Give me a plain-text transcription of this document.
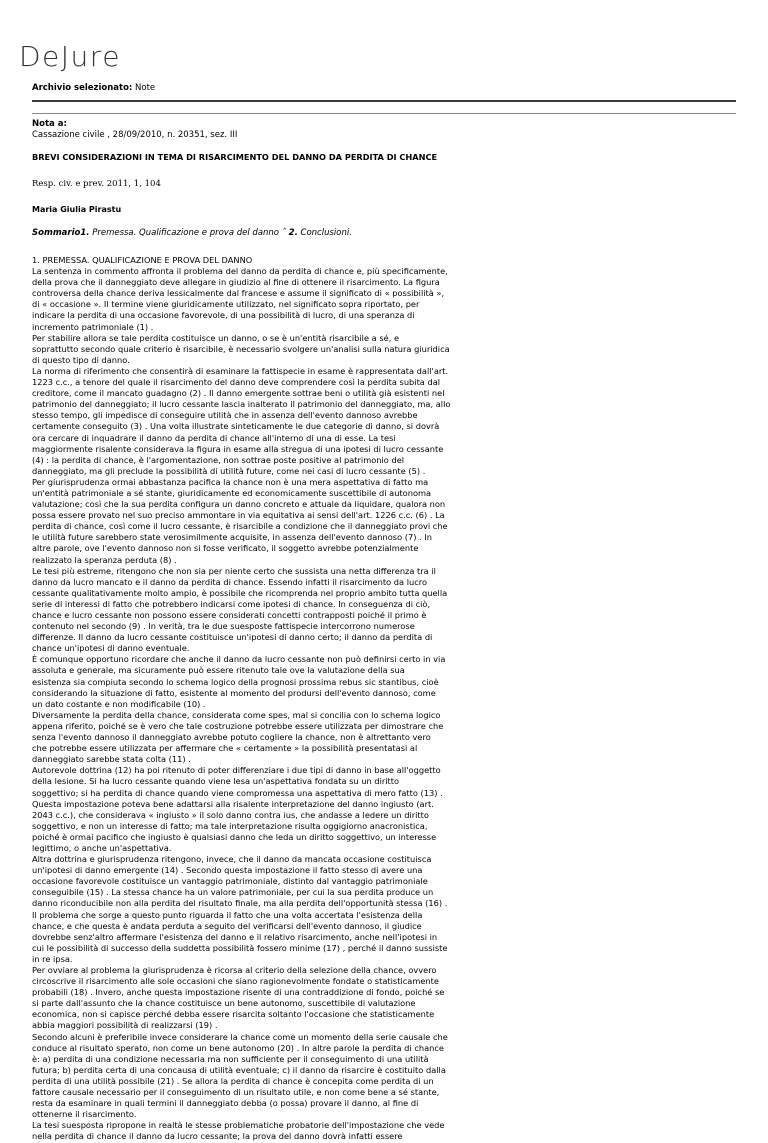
DeJure
Archivio selezionato: Note
Nota a:
Cassazione civile , 28/09/2010, n. 20351, sez. III
BREVI CONSIDERAZIONI IN TEMA DI RISARCIMENTO DEL DANNO DA PERDITA DI CHANCE
Resp. civ. e prev. 2011, 1, 104
Maria Giulia Pirastu
Sommario1. Premessa. Qualificazione e prova del danno ˆ 2. Conclusioni.

1. PREMESSA. QUALIFICAZIONE E PROVA DEL DANNO

La sentenza in commento affronta il problema del danno da perdita di chance e, più specificamente,

della prova che il danneggiato deve allegare in giudizio al fine di ottenere il risarcimento. La figura

controversa della chance deriva lessicalmente dal francese e assume il significato di « possibilità »,

di « occasione ». Il termine viene giuridicamente utilizzato, nel significato sopra riportato, per

indicare la perdita di una occasione favorevole, di una possibilità di lucro, di una speranza di

incremento patrimoniale (1) .

Per stabilire allora se tale perdita costituisce un danno, o se è un'entità risarcibile a sé, e

soprattutto secondo quale criterio è risarcibile, è necessario svolgere un'analisi sulla natura giuridica

di questo tipo di danno.

La norma di riferimento che consentirà di esaminare la fattispecie in esame è rappresentata dall'art.

1223 c.c., a tenore del quale il risarcimento del danno deve comprendere così la perdita subita dal

creditore, come il mancato guadagno (2) . Il danno emergente sottrae beni o utilità già esistenti nel

patrimonio del danneggiato; il lucro cessante lascia inalterato il patrimonio del danneggiato, ma, allo

stesso tempo, gli impedisce di conseguire utilità che in assenza dell'evento dannoso avrebbe

certamente conseguito (3) . Una volta illustrate sinteticamente le due categorie di danno, si dovrà

ora cercare di inquadrare il danno da perdita di chance all'interno di una di esse. La tesi

maggiormente risalente considerava la figura in esame alla stregua di una ipotesi di lucro cessante

(4) : la perdita di chance, è l'argomentazione, non sottrae poste positive al patrimonio del

danneggiato, ma gli preclude la possibilità di utilità future, come nei casi di lucro cessante (5) .

Per giurisprudenza ormai abbastanza pacifica la chance non è una mera aspettativa di fatto ma

un'entità patrimoniale a sé stante, giuridicamente ed economicamente suscettibile di autonoma

valutazione; così che la sua perdita configura un danno concreto e attuale da liquidare, qualora non

possa essere provato nel suo preciso ammontare in via equitativa ai sensi dell'art. 1226 c.c. (6) . La

perdita di chance, così come il lucro cessante, è risarcibile a condizione che il danneggiato provi che

le utilità future sarebbero state verosimilmente acquisite, in assenza dell'evento dannoso (7) . In

altre parole, ove l'evento dannoso non si fosse verificato, il soggetto avrebbe potenzialmente

realizzato la speranza perduta (8) .

Le tesi più estreme, ritengono che non sia per niente certo che sussista una netta differenza tra il

danno da lucro mancato e il danno da perdita di chance. Essendo infatti il risarcimento da lucro

cessante qualitativamente molto ampio, è possibile che ricomprenda nel proprio ambito tutta quella

serie di interessi di fatto che potrebbero indicarsi come ipotesi di chance. In conseguenza di ciò,

chance e lucro cessante non possono essere considerati concetti contrapposti poiché il primo è

contenuto nel secondo (9) . In verità, tra le due suesposte fattispecie intercorrono numerose

differenze. Il danno da lucro cessante costituisce un'ipotesi di danno certo; il danno da perdita di

chance un'ipotesi di danno eventuale.

È comunque opportuno ricordare che anche il danno da lucro cessante non può definirsi certo in via

assoluta e generale, ma sicuramente può essere ritenuto tale ove la valutazione della sua

esistenza sia compiuta secondo lo schema logico della prognosi prossima rebus sic stantibus, cioè

considerando la situazione di fatto, esistente al momento del prodursi dell'evento dannoso, come

un dato costante e non modificabile (10) .

Diversamente la perdita della chance, considerata come spes, mal si concilia con lo schema logico

appena riferito, poiché se è vero che tale costruzione potrebbe essere utilizzata per dimostrare che

senza l'evento dannoso il danneggiato avrebbe potuto cogliere la chance, non è altrettanto vero

che potrebbe essere utilizzata per affermare che « certamente » la possibilità presentatasi al

danneggiato sarebbe stata colta (11) .

Autorevole dottrina (12) ha poi ritenuto di poter differenziare i due tipi di danno in base all'oggetto

della lesione. Si ha lucro cessante quando viene lesa un'aspettativa fondata su un diritto

soggettivo; si ha perdita di chance quando viene compromessa una aspettativa di mero fatto (13) .

Questa impostazione poteva bene adattarsi alla risalente interpretazione del danno ingiusto (art.

2043 c.c.), che considerava « ingiusto » il solo danno contra ius, che andasse a ledere un diritto

soggettivo, e non un interesse di fatto; ma tale interpretazione risulta oggigiorno anacronistica,

poiché è ormai pacifico che ingiusto è qualsiasi danno che leda un diritto soggettivo, un interesse

legittimo, o anche un'aspettativa.

Altra dottrina e giurisprudenza ritengono, invece, che il danno da mancata occasione costituisca

un'ipotesi di danno emergente (14) . Secondo questa impostazione il fatto stesso di avere una

occasione favorevole costituisce un vantaggio patrimoniale, distinto dal vantaggio patrimoniale

conseguibile (15) . La stessa chance ha un valore patrimoniale, per cui la sua perdita produce un

danno riconducibile non alla perdita del risultato finale, ma alla perdita dell'opportunità stessa (16) .

Il problema che sorge a questo punto riguarda il fatto che una volta accertata l'esistenza della

chance, e che questa è andata perduta a seguito del verificarsi dell'evento dannoso, il giudice

dovrebbe senz'altro affermare l'esistenza del danno e il relativo risarcimento, anche nell'ipotesi in

cui le possibilità di successo della suddetta possibilità fossero minime (17) , perché il danno sussiste

in re ipsa.

Per ovviare al problema la giurisprudenza è ricorsa al criterio della selezione della chance, ovvero

circoscrive il risarcimento alle sole occasioni che siano ragionevolmente fondate o statisticamente

probabili (18) . Invero, anche questa impostazione risente di una contraddizione di fondo, poiché se

si parte dall'assunto che la chance costituisce un bene autonomo, suscettibile di valutazione

economica, non si capisce perché debba essere risarcita soltanto l'occasione che statisticamente

abbia maggiori possibilità di realizzarsi (19) .

Secondo alcuni è preferibile invece considerare la chance come un momento della serie causale che

conduce al risultato sperato, non come un bene autonomo (20) . In altre parole la perdita di chance

è: a) perdita di una condizione necessaria ma non sufficiente per il conseguimento di una utilità

futura; b) perdita certa di una concausa di utilità eventuale; c) il danno da risarcire è costituito dalla

perdita di una utilità possibile (21) . Se allora la perdita di chance è concepita come perdita di un

fattore causale necessario per il conseguimento di un risultato utile, e non come bene a sé stante,

resta da esaminare in quali termini il danneggiato debba (o possa) provare il danno, al fine di

ottenerne il risarcimento.

La tesi suesposta ripropone in realtà le stesse problematiche probatorie dell'impostazione che vede

nella perdita di chance il danno da lucro cessante; la prova del danno dovrà infatti essere
